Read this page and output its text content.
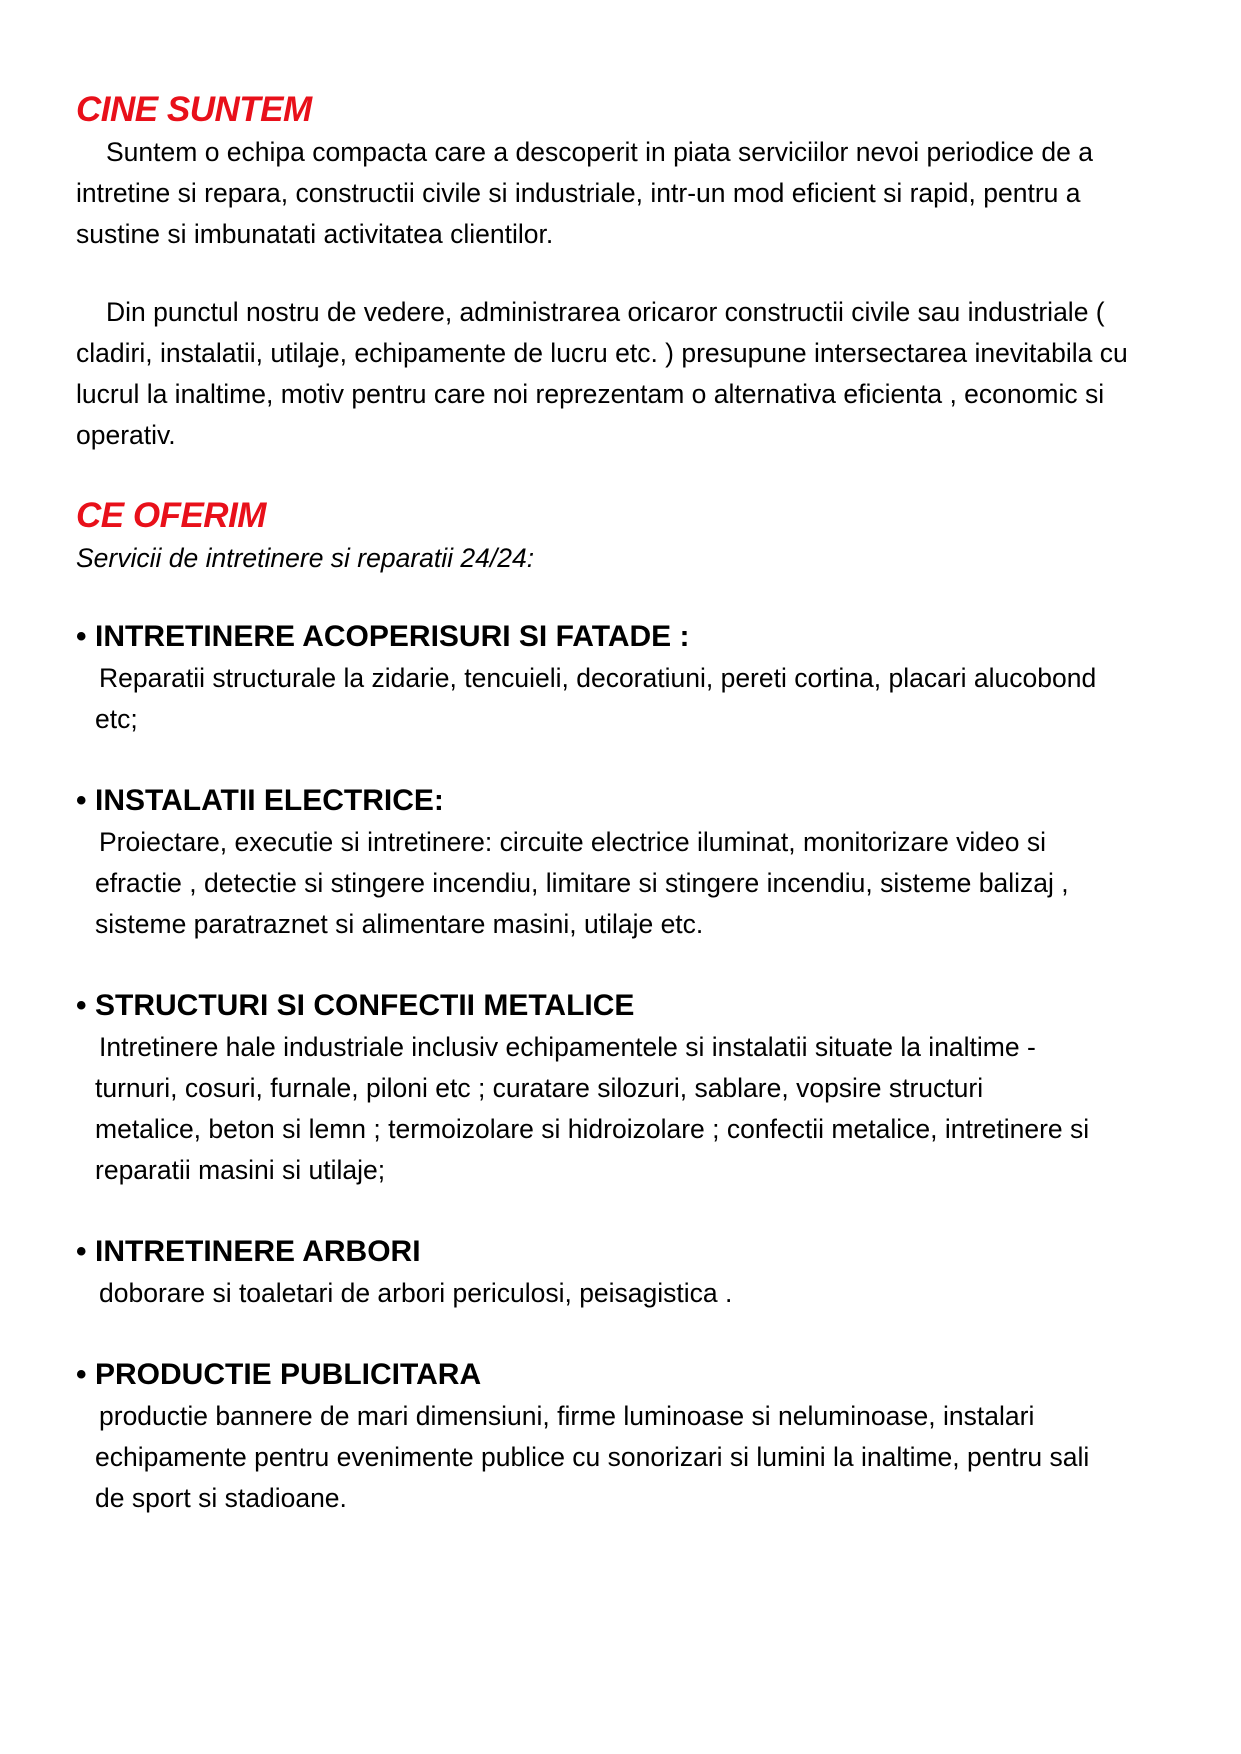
CINE SUNTEM

Suntem o echipa compacta care a descoperit in piata serviciilor nevoi periodice de a intretine si repara, constructii civile si industriale, intr-un mod eficient si rapid, pentru a sustine si imbunatati activitatea clientilor.

Din punctul nostru de vedere, administrarea oricaror constructii civile sau industriale ( cladiri, instalatii, utilaje, echipamente de lucru etc. ) presupune intersectarea inevitabila cu lucrul la inaltime, motiv pentru care noi reprezentam o alternativa eficienta , economic si operativ.

CE OFERIM

Servicii de intretinere si reparatii 24/24:

• INTRETINERE ACOPERISURI SI FATADE :

Reparatii structurale la zidarie, tencuieli, decoratiuni, pereti cortina, placari alucobond etc;

• INSTALATII ELECTRICE:

Proiectare, executie si intretinere: circuite electrice iluminat, monitorizare video si efractie , detectie si stingere incendiu, limitare si stingere incendiu, sisteme balizaj , sisteme paratraznet si alimentare masini, utilaje etc.

• STRUCTURI SI CONFECTII METALICE

Intretinere hale industriale inclusiv echipamentele si instalatii situate la inaltime - turnuri, cosuri, furnale, piloni etc ; curatare silozuri, sablare, vopsire structuri metalice, beton si lemn ; termoizolare si hidroizolare ; confectii metalice, intretinere si reparatii masini si utilaje;

• INTRETINERE ARBORI

doborare si toaletari de arbori periculosi, peisagistica .

• PRODUCTIE PUBLICITARA

productie bannere de mari dimensiuni, firme luminoase si neluminoase, instalari echipamente pentru evenimente publice cu sonorizari si lumini la inaltime, pentru sali de sport si stadioane.
